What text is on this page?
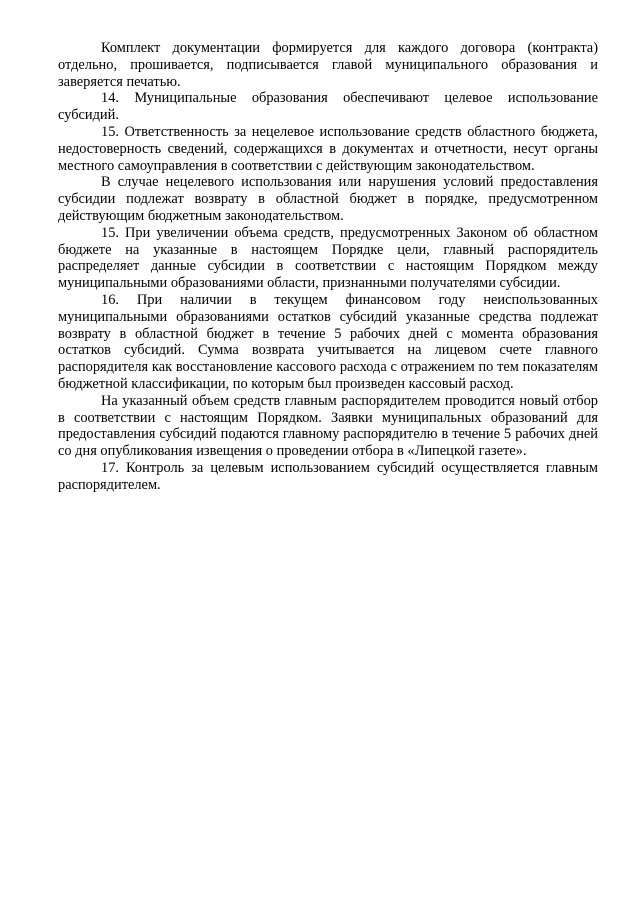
Комплект документации формируется для каждого договора (контракта) отдельно, прошивается, подписывается главой муниципального образования и заверяется печатью.

14. Муниципальные образования обеспечивают целевое использование субсидий.

15. Ответственность за нецелевое использование средств областного бюджета, недостоверность сведений, содержащихся в документах и отчетности, несут органы местного самоуправления в соответствии с действующим законодательством.

В случае нецелевого использования или нарушения условий предоставления субсидии подлежат возврату в областной бюджет в порядке, предусмотренном действующим бюджетным законодательством.

15. При увеличении объема средств, предусмотренных Законом об областном бюджете на указанные в настоящем Порядке цели, главный распорядитель распределяет данные субсидии в соответствии с настоящим Порядком между муниципальными образованиями области, признанными получателями субсидии.

16. При наличии в текущем финансовом году неиспользованных муниципальными образованиями остатков субсидий указанные средства подлежат возврату в областной бюджет в течение 5 рабочих дней с момента образования остатков субсидий. Сумма возврата учитывается на лицевом счете главного распорядителя как восстановление кассового расхода с отражением по тем показателям бюджетной классификации, по которым был произведен кассовый расход.

На указанный объем средств главным распорядителем проводится новый отбор в соответствии с настоящим Порядком. Заявки муниципальных образований для предоставления субсидий подаются главному распорядителю в течение 5 рабочих дней со дня опубликования извещения о проведении отбора в «Липецкой газете».

17. Контроль за целевым использованием субсидий осуществляется главным распорядителем.
